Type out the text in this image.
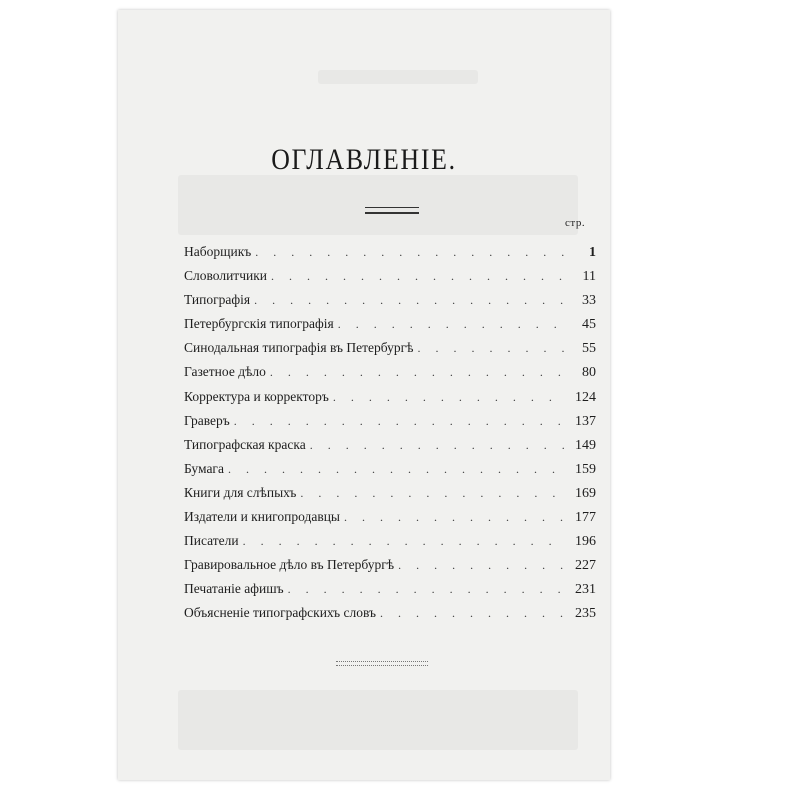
ОГЛАВЛЕНІЕ.
стр.
Наборщикъ . . .	1
Словолитчики . . .	11
Типографія . . .	33
Петербургскія типографія . . .	45
Синодальная типографія въ Петербургѣ . . .	55
Газетное дѣло . . .	80
Корректура и корректоръ . . .	124
Граверъ . . .	137
Типографская краска . . .	149
Бумага . . .	159
Книги для слѣпыхъ . . .	169
Издатели и книгопродавцы . . .	177
Писатели . . .	196
Гравировальное дѣло въ Петербургѣ . . .	227
Печатаніе афишъ . . .	231
Объясненіе типографскихъ словъ . . .	235
